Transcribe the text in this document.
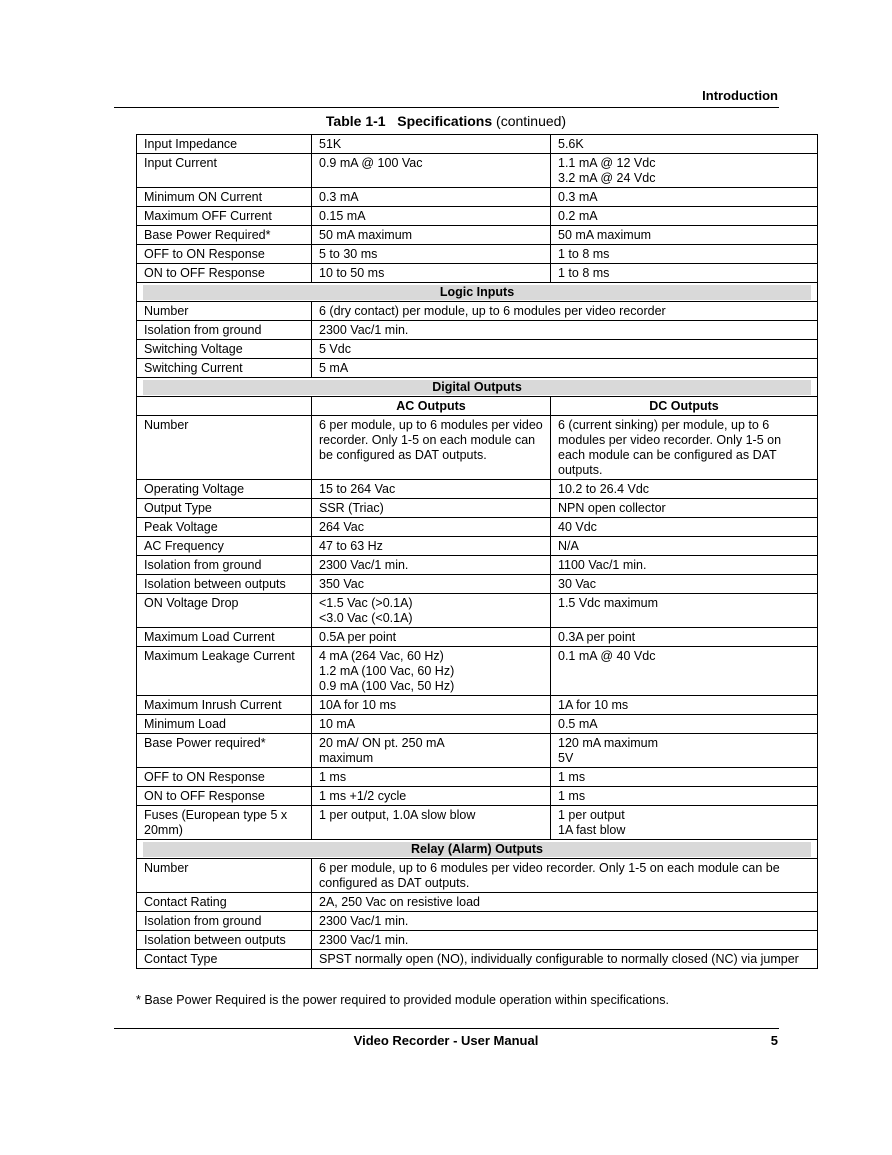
Introduction
Table 1-1   Specifications (continued)
Input Impedance	51K	5.6K

Input Current	0.9 mA @ 100 Vac	1.1 mA @ 12 Vdc
3.2 mA @ 24 Vdc

Minimum ON Current	0.3 mA	0.3 mA

Maximum OFF Current	0.15 mA	0.2 mA

Base Power Required*	50 mA maximum	50 mA maximum

OFF to ON Response	5 to 30 ms	1 to 8 ms

ON to OFF Response	10 to 50 ms	1 to 8 ms

Logic Inputs		

Number	6 (dry contact) per module, up to 6 modules per video recorder	

Isolation from ground	2300 Vac/1 min.	

Switching Voltage	5 Vdc	

Switching Current	5 mA	

Digital Outputs		

	AC Outputs	DC Outputs

Number	6 per module, up to 6 modules per video recorder. Only 1-5 on each module can be configured as DAT outputs.	6 (current sinking) per module, up to 6 modules per video recorder. Only 1-5 on each module can be configured as DAT outputs.

Operating Voltage	15 to 264 Vac	10.2 to 26.4 Vdc

Output Type	SSR (Triac)	NPN open collector

Peak Voltage	264 Vac	40 Vdc

AC Frequency	47 to 63 Hz	N/A

Isolation from ground	2300 Vac/1 min.	1100 Vac/1 min.

Isolation between outputs	350 Vac	30 Vac

ON Voltage Drop	<1.5 Vac (>0.1A)
<3.0 Vac (<0.1A)	1.5 Vdc maximum

Maximum Load Current	0.5A per point	0.3A per point

Maximum Leakage Current	4 mA (264 Vac, 60 Hz)
1.2 mA (100 Vac, 60 Hz)
0.9 mA (100 Vac, 50 Hz)	0.1 mA @ 40 Vdc

Maximum Inrush Current	10A for 10 ms	1A for 10 ms

Minimum Load	10 mA	0.5 mA

Base Power required*	20 mA/ ON pt. 250 mA
maximum	120 mA maximum
5V

OFF to ON Response	1 ms	1 ms

ON to OFF Response	1 ms +1/2 cycle	1 ms

Fuses (European type 5 x 20mm)	1 per output, 1.0A slow blow	1 per output
1A fast blow

Relay (Alarm) Outputs		

Number	6 per module, up to 6 modules per video recorder. Only 1-5 on each module can be configured as DAT outputs.	

Contact Rating	2A, 250 Vac on resistive load	

Isolation from ground	2300 Vac/1 min.	

Isolation between outputs	2300 Vac/1 min.	

Contact Type	SPST normally open (NO), individually configurable to normally closed (NC) via jumper	
* Base Power Required is the power required to provided module operation within specifications.
Video Recorder - User Manual	5
